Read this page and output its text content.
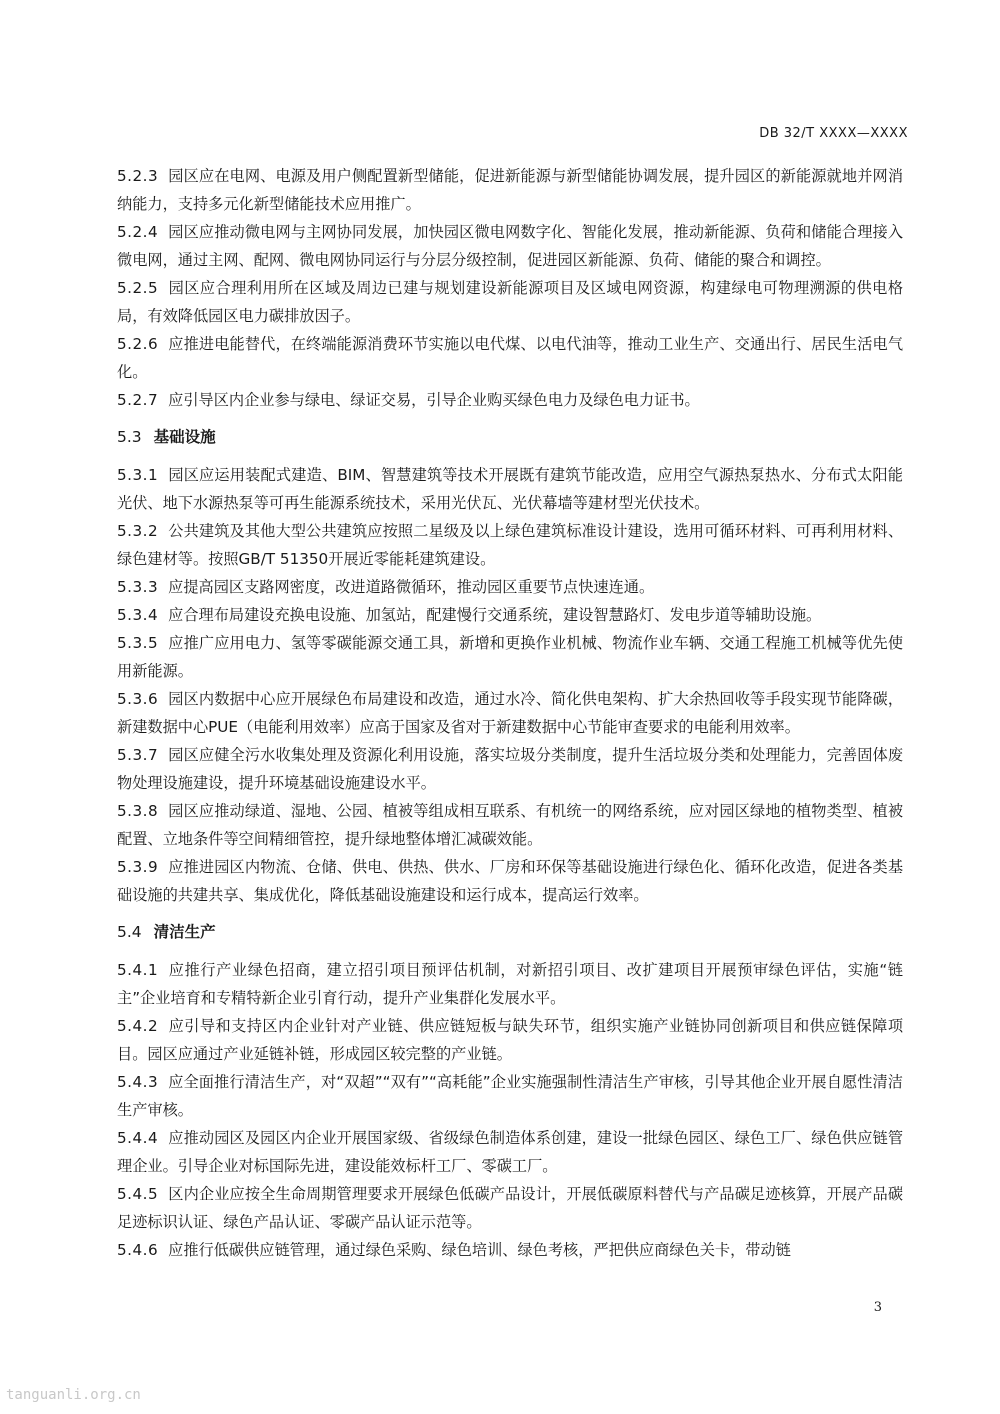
DB 32/T XXXX—XXXX

5.2.3 园区应在电网、电源及用户侧配置新型储能，促进新能源与新型储能协调发展，提升园区的新能源就地并网消纳能力，支持多元化新型储能技术应用推广。

5.2.4 园区应推动微电网与主网协同发展，加快园区微电网数字化、智能化发展，推动新能源、负荷和储能合理接入微电网，通过主网、配网、微电网协同运行与分层分级控制，促进园区新能源、负荷、储能的聚合和调控。

5.2.5 园区应合理利用所在区域及周边已建与规划建设新能源项目及区域电网资源，构建绿电可物理溯源的供电格局，有效降低园区电力碳排放因子。

5.2.6 应推进电能替代，在终端能源消费环节实施以电代煤、以电代油等，推动工业生产、交通出行、居民生活电气化。

5.2.7 应引导区内企业参与绿电、绿证交易，引导企业购买绿色电力及绿色电力证书。

5.3 基础设施

5.3.1 园区应运用装配式建造、BIM、智慧建筑等技术开展既有建筑节能改造，应用空气源热泵热水、分布式太阳能光伏、地下水源热泵等可再生能源系统技术，采用光伏瓦、光伏幕墙等建材型光伏技术。

5.3.2 公共建筑及其他大型公共建筑应按照二星级及以上绿色建筑标准设计建设，选用可循环材料、可再利用材料、绿色建材等。按照GB/T 51350开展近零能耗建筑建设。

5.3.3 应提高园区支路网密度，改进道路微循环，推动园区重要节点快速连通。

5.3.4 应合理布局建设充换电设施、加氢站，配建慢行交通系统，建设智慧路灯、发电步道等辅助设施。

5.3.5 应推广应用电力、氢等零碳能源交通工具，新增和更换作业机械、物流作业车辆、交通工程施工机械等优先使用新能源。

5.3.6 园区内数据中心应开展绿色布局建设和改造，通过水冷、简化供电架构、扩大余热回收等手段实现节能降碳，新建数据中心PUE（电能利用效率）应高于国家及省对于新建数据中心节能审查要求的电能利用效率。

5.3.7 园区应健全污水收集处理及资源化利用设施，落实垃圾分类制度，提升生活垃圾分类和处理能力，完善固体废物处理设施建设，提升环境基础设施建设水平。

5.3.8 园区应推动绿道、湿地、公园、植被等组成相互联系、有机统一的网络系统，应对园区绿地的植物类型、植被配置、立地条件等空间精细管控，提升绿地整体增汇减碳效能。

5.3.9 应推进园区内物流、仓储、供电、供热、供水、厂房和环保等基础设施进行绿色化、循环化改造，促进各类基础设施的共建共享、集成优化，降低基础设施建设和运行成本，提高运行效率。

5.4 清洁生产

5.4.1 应推行产业绿色招商，建立招引项目预评估机制，对新招引项目、改扩建项目开展预审绿色评估，实施“链主”企业培育和专精特新企业引育行动，提升产业集群化发展水平。

5.4.2 应引导和支持区内企业针对产业链、供应链短板与缺失环节，组织实施产业链协同创新项目和供应链保障项目。园区应通过产业延链补链，形成园区较完整的产业链。

5.4.3 应全面推行清洁生产，对“双超”“双有”“高耗能”企业实施强制性清洁生产审核，引导其他企业开展自愿性清洁生产审核。

5.4.4 应推动园区及园区内企业开展国家级、省级绿色制造体系创建，建设一批绿色园区、绿色工厂、绿色供应链管理企业。引导企业对标国际先进，建设能效标杆工厂、零碳工厂。

5.4.5 区内企业应按全生命周期管理要求开展绿色低碳产品设计，开展低碳原料替代与产品碳足迹核算，开展产品碳足迹标识认证、绿色产品认证、零碳产品认证示范等。

5.4.6 应推行低碳供应链管理，通过绿色采购、绿色培训、绿色考核，严把供应商绿色关卡，带动链

3
tanguanli.org.cn
